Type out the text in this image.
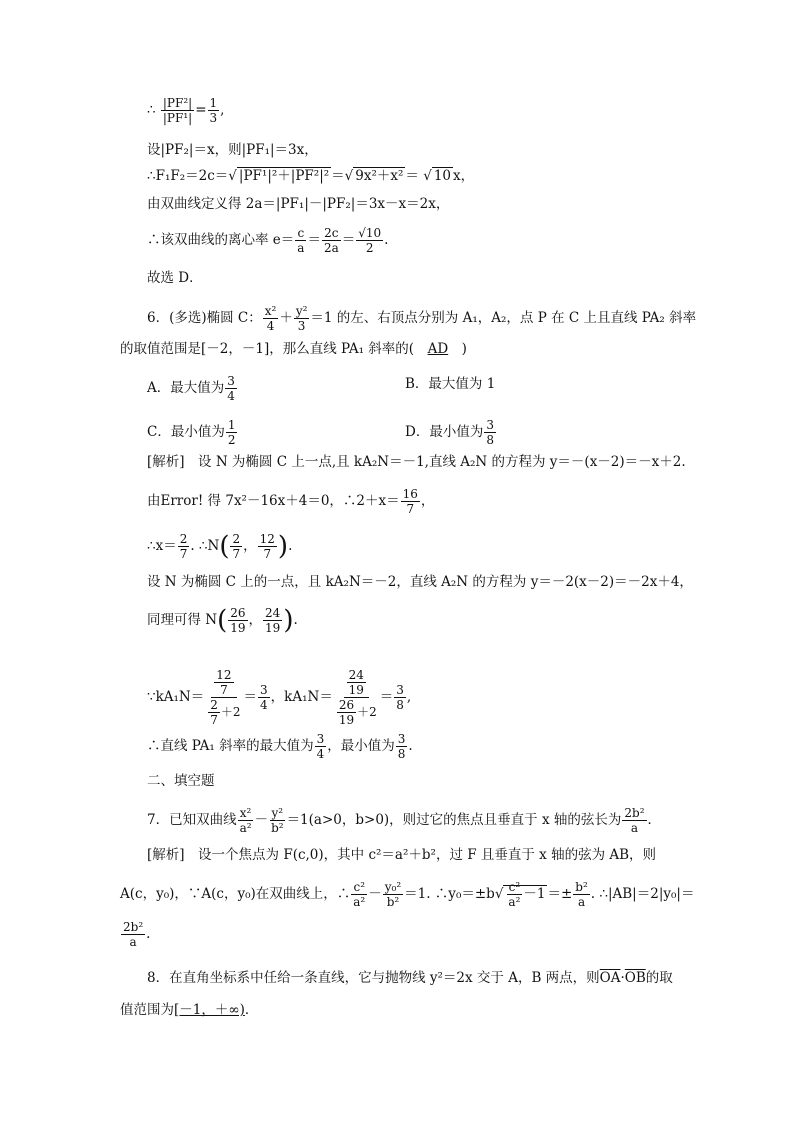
∴ $\frac{\text{|PF²|}}{\text{|PF¹|}} = \frac{1}{3}$ ,
设|PF₂|＝x，则|PF₁|＝3x，
∴F₁F₂＝2c＝√ |PF¹|²＋|PF²|² ＝√ 9x²＋x² ＝ √ 10 x，
由双曲线定义得 2a＝|PF₁|－|PF₂|＝3x－x＝2x，
∴该双曲线的离心率 $e= \frac{c}{a} = \frac{2c}{2a} = \frac{√10}{2}$ .
故选 D．
6．(多选)椭圆 C： $\frac{\text{x²}}{4} + \frac{\text{y²}}{3} =1$ 的左、右顶点分别为 A₁，A₂，点 P 在 C 上且直线 PA₂ 斜率
的取值范围是[－2，－1]，那么直线 PA₁ 斜率的(　 AD　 )
A．最大值为 $\frac{3}{4}$	B．最大值为 1
C．最小值为 $\frac{1}{2}$	D．最小值为 $\frac{3}{8}$
[解析]　设 N 为椭圆 C 上一点,且 kA₂N＝－1,直线 A₂N 的方程为 y＝－(x－2)＝－x＋2.
由Error! 得 7x²－16x＋4＝0，∴2＋x＝ $\frac{16}{7}$ ，
∴x＝ $\frac{2}{7}$ . ∴N( $\frac{2}{7}$ ， $\frac{12}{7}$ ).
设 N 为椭圆 C 上的一点，且 kA₂N＝－2，直线 A₂N 的方程为 y＝－2(x－2)＝－2x＋4，
同理可得 $N( \frac{26}{19}$ ， $\frac{24}{19}$ ).
∵kA₁N＝ $\frac{\frac{12}{7}}{\frac{2}{7} +2} = \frac{3}{4}$ ，$kA_1N= \frac{\frac{24}{19}}{\frac{26}{19} +2} = \frac{3}{8}$ ,
∴直线 PA₁ 斜率的最大值为 $\frac{3}{4}$ ，最小值为 $\frac{3}{8}$ .
二、填空题
7．已知双曲线 $\frac{\text{x²}}{\text{a²}} - \frac{\text{y²}}{\text{b²}} =1(a>0$，b>0)，则过它的焦点且垂直于 x 轴的弦长为 $\frac{\text{2b²}}{a}$ ．
[解析]　设一个焦点为 F(c,0)，其中 c²＝a²＋b²，过 F 且垂直于 x 轴的弦为 AB，则
A(c，y₀)，∵A(c，y₀)在双曲线上，∴ $\frac{\text{c²}}{\text{a²}} - \frac{\text{y₀²}}{\text{b²}} =1$. ∴y₀＝±b√ $\frac{\text{c²}}{\text{a²}} -1 =\pm \frac{\text{b²}}{a}$ . ∴|AB|＝2|y₀|＝
$\frac{\text{2b²}}{a}$ .
8．在直角坐标系中任给一条直线，它与抛物线 y²＝2x 交于 A，B 两点，则$\overline{OA}\cdot\overline{OB}$的取
值范围为[－1，＋∞)．
